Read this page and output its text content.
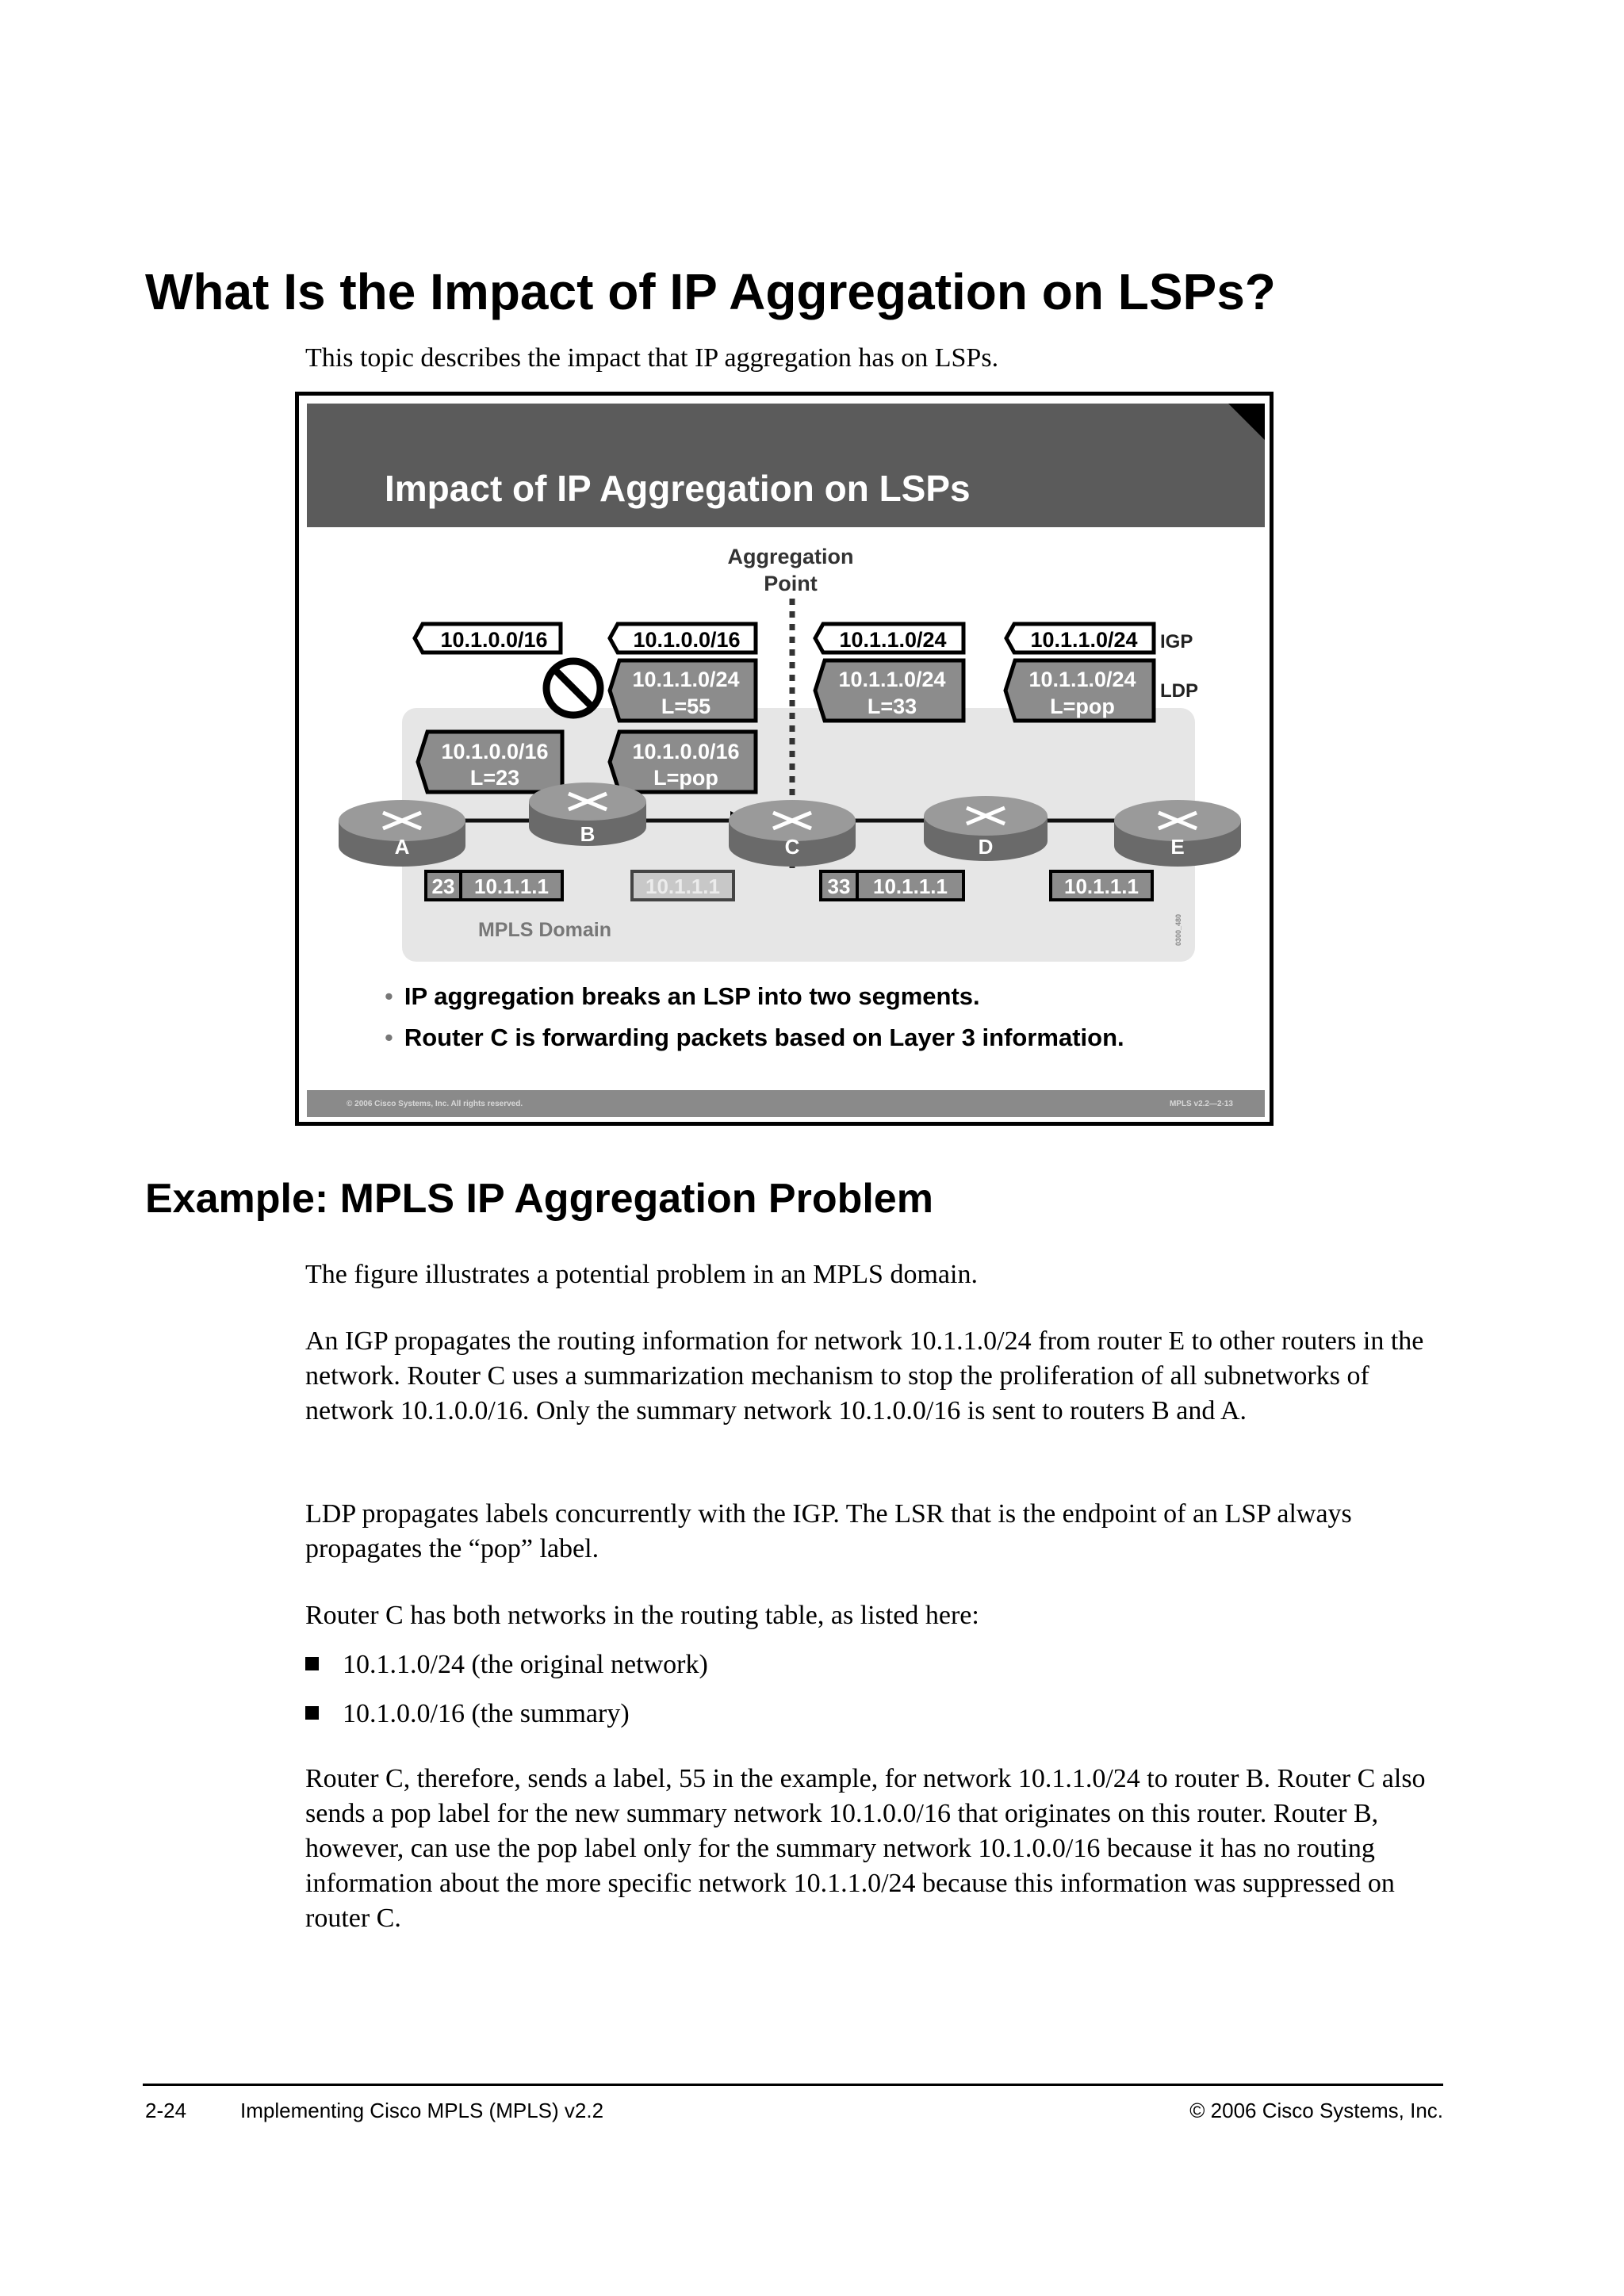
What Is the Impact of IP Aggregation on LSPs?

This topic describes the impact that IP aggregation has on LSPs.

Impact of IP Aggregation on LSPs
Aggregation
Point
10.1.0.0/16	10.1.0.0/16	10.1.1.0/24	10.1.1.0/24 IGP
10.1.1.0/24
L=55
10.1.1.0/24
L=33
10.1.1.0/24
L=pop
LDP
10.1.0.0/16
L=23
10.1.0.0/16
L=pop
A
B
C	D	E
23 10.1.1.1	10.1.1.1	33 10.1.1.1	10.1.1.1
MPLS Domain	0300_480
• IP aggregation breaks an LSP into two segments.
• Router C is forwarding packets based on Layer 3 information.
© 2006 Cisco Systems, Inc. All rights reserved.	MPLS v2.2—2-13
Example: MPLS IP Aggregation Problem

The figure illustrates a potential problem in an MPLS domain.

An IGP propagates the routing information for network 10.1.1.0/24 from router E to other routers in the network. Router C uses a summarization mechanism to stop the proliferation of all subnetworks of network 10.1.0.0/16. Only the summary network 10.1.0.0/16 is sent to routers B and A.

LDP propagates labels concurrently with the IGP. The LSR that is the endpoint of an LSP always propagates the “pop” label.

Router C has both networks in the routing table, as listed here:

10.1.1.0/24 (the original network)

10.1.0.0/16 (the summary)

Router C, therefore, sends a label, 55 in the example, for network 10.1.1.0/24 to router B. Router C also sends a pop label for the new summary network 10.1.0.0/16 that originates on this router. Router B, however, can use the pop label only for the summary network 10.1.0.0/16 because it has no routing information about the more specific network 10.1.1.0/24 because this information was suppressed on router C.

2-24	Implementing Cisco MPLS (MPLS) v2.2	© 2006 Cisco Systems, Inc.
